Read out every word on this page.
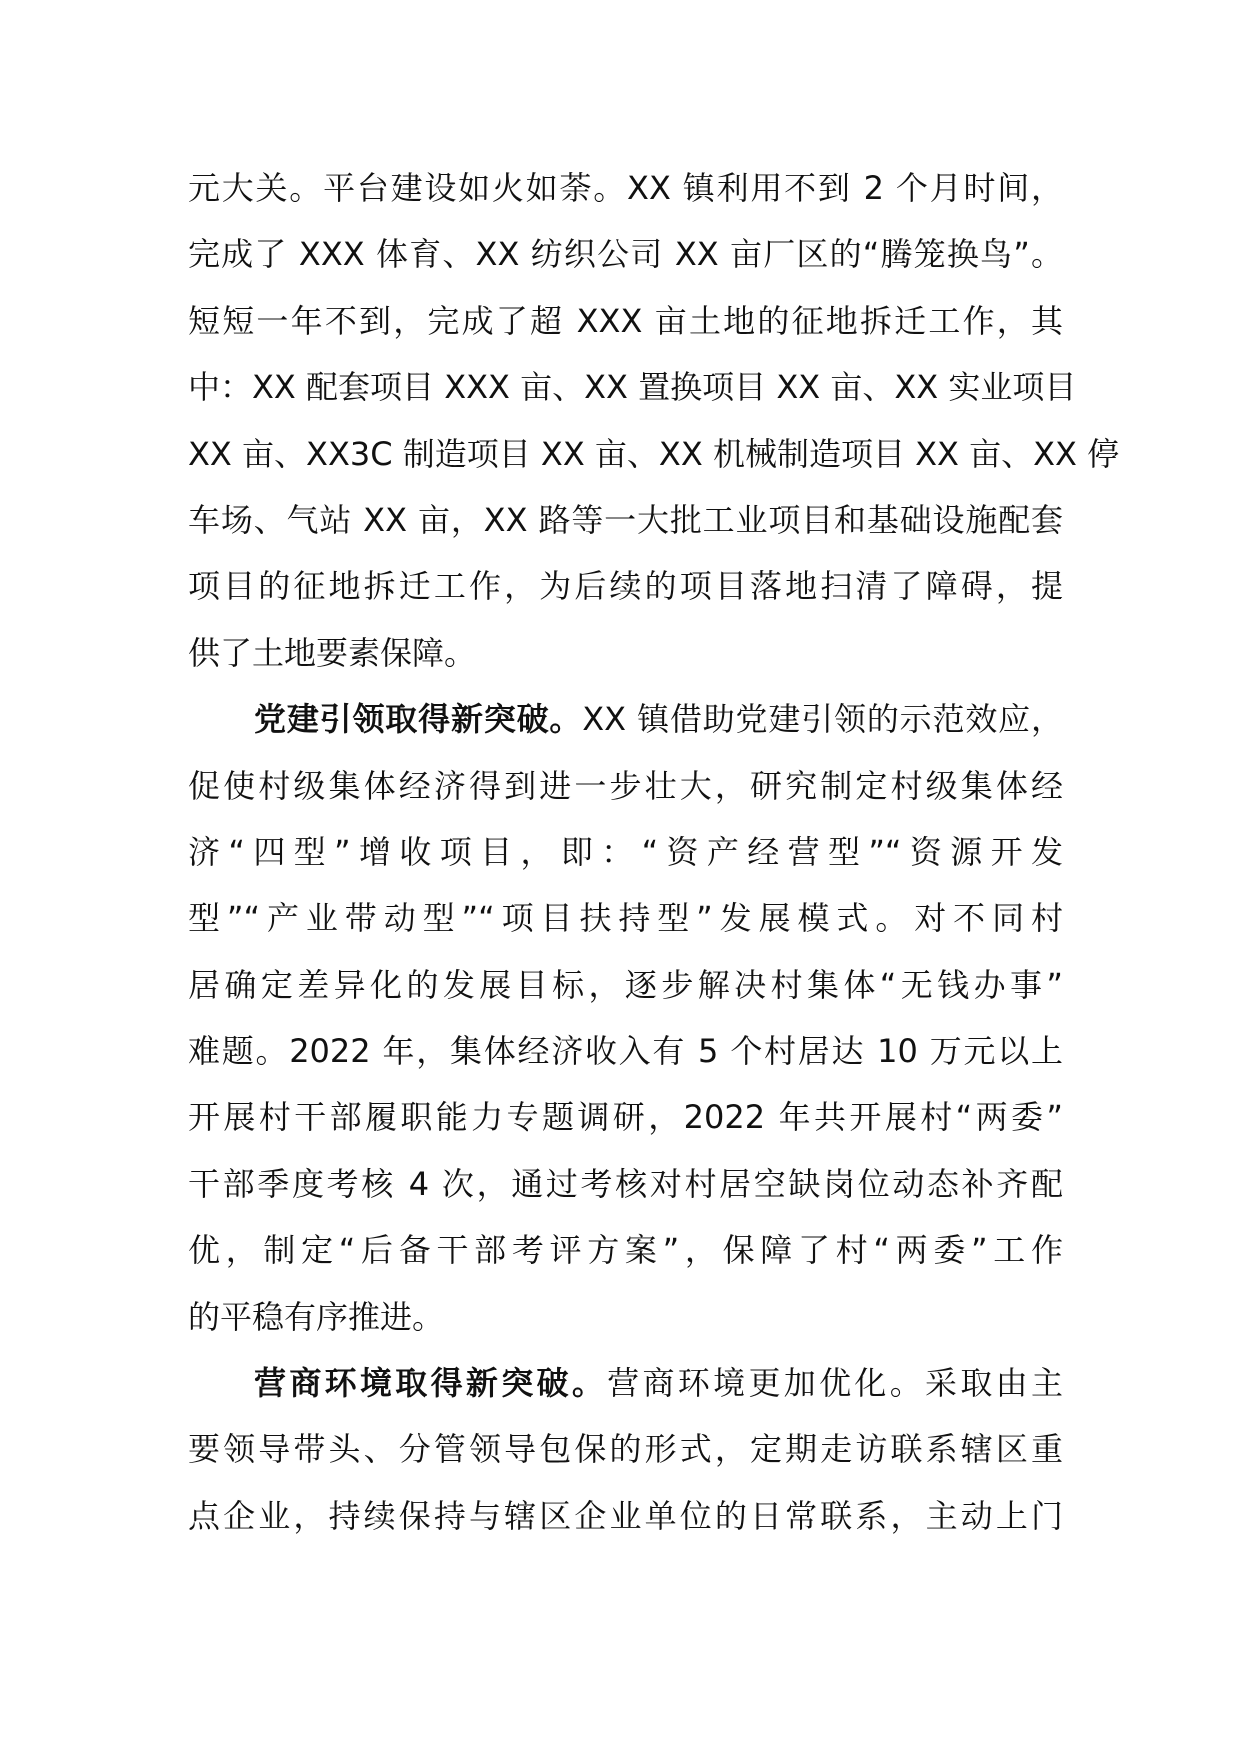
元大关。平台建设如火如荼。XX 镇利用不到 2 个月时间，
完成了 XXX 体育、XX 纺织公司 XX 亩厂区的“腾笼换鸟”。
短短一年不到，完成了超 XXX 亩土地的征地拆迁工作，其
中：XX 配套项目 XXX 亩、XX 置换项目 XX 亩、XX 实业项目
XX 亩、XX3C 制造项目 XX 亩、XX 机械制造项目 XX 亩、XX 停
车场、气站 XX 亩，XX 路等一大批工业项目和基础设施配套
项目的征地拆迁工作，为后续的项目落地扫清了障碍，提
供了土地要素保障。
党建引领取得新突破。XX 镇借助党建引领的示范效应，
促使村级集体经济得到进一步壮大，研究制定村级集体经
济“四型”增收项目，即：“资产经营型”“资源开发
型”“产业带动型”“项目扶持型”发展模式。对不同村
居确定差异化的发展目标，逐步解决村集体“无钱办事”
难题。2022 年，集体经济收入有 5 个村居达 10 万元以上
开展村干部履职能力专题调研，2022 年共开展村“两委”
干部季度考核 4 次，通过考核对村居空缺岗位动态补齐配
优，制定“后备干部考评方案”，保障了村“两委”工作
的平稳有序推进。
营商环境取得新突破。营商环境更加优化。采取由主
要领导带头、分管领导包保的形式，定期走访联系辖区重
点企业，持续保持与辖区企业单位的日常联系，主动上门
